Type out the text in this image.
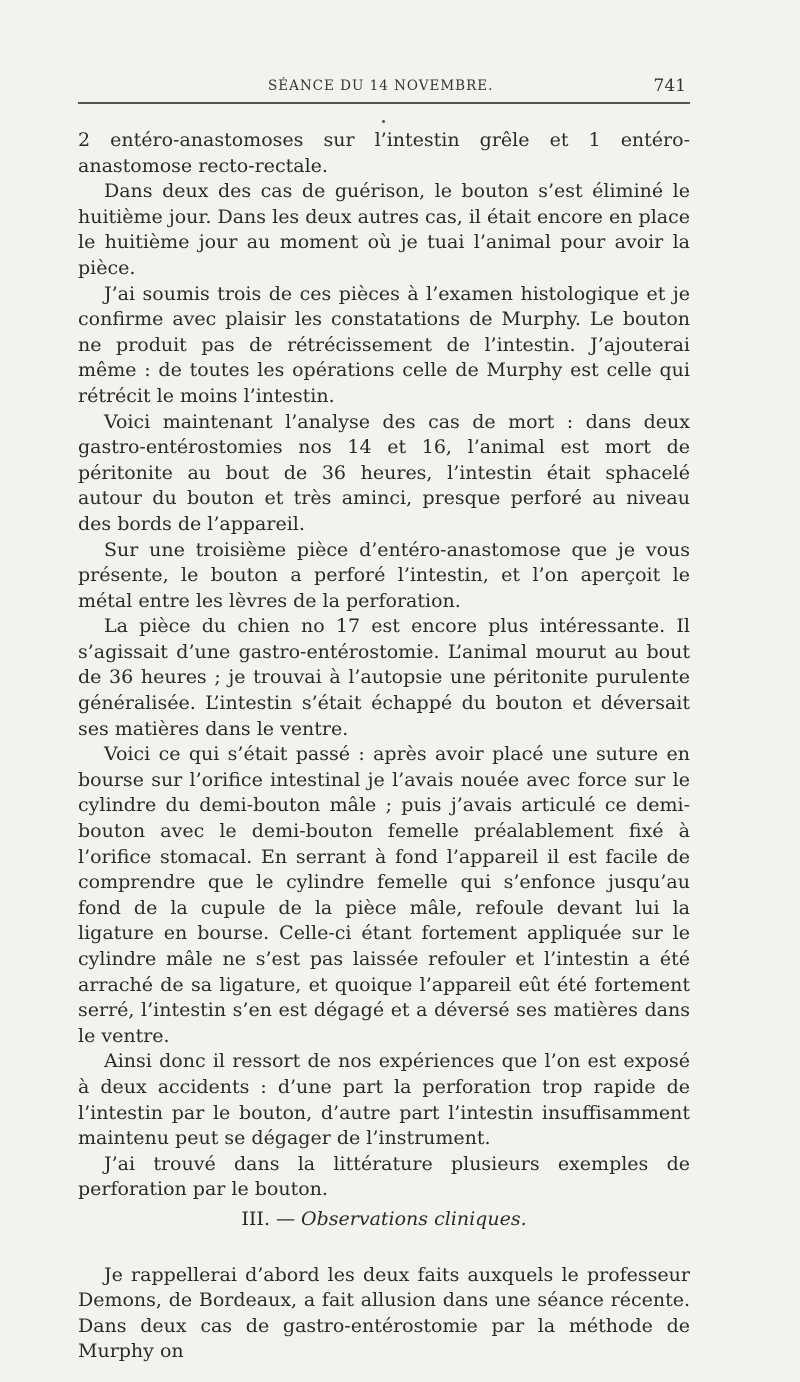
SÉANCE DU 14 NOVEMBRE.	741

2 entéro-anastomoses sur l’intestin grêle et 1 entéro-anastomose recto-rectale.

Dans deux des cas de guérison, le bouton s’est éliminé le huitième jour. Dans les deux autres cas, il était encore en place le huitième jour au moment où je tuai l’animal pour avoir la pièce.

J’ai soumis trois de ces pièces à l’examen histologique et je confirme avec plaisir les constatations de Murphy. Le bouton ne produit pas de rétrécissement de l’intestin. J’ajouterai même : de toutes les opérations celle de Murphy est celle qui rétrécit le moins l’intestin.

Voici maintenant l’analyse des cas de mort : dans deux gastro-entérostomies nos 14 et 16, l’animal est mort de péritonite au bout de 36 heures, l’intestin était sphacelé autour du bouton et très aminci, presque perforé au niveau des bords de l’appareil.

Sur une troisième pièce d’entéro-anastomose que je vous présente, le bouton a perforé l’intestin, et l’on aperçoit le métal entre les lèvres de la perforation.

La pièce du chien no 17 est encore plus intéressante. Il s’agissait d’une gastro-entérostomie. L’animal mourut au bout de 36 heures ; je trouvai à l’autopsie une péritonite purulente généralisée. L’intestin s’était échappé du bouton et déversait ses matières dans le ventre.

Voici ce qui s’était passé : après avoir placé une suture en bourse sur l’orifice intestinal je l’avais nouée avec force sur le cylindre du demi-bouton mâle ; puis j’avais articulé ce demi-bouton avec le demi-bouton femelle préalablement fixé à l’orifice stomacal. En serrant à fond l’appareil il est facile de comprendre que le cylindre femelle qui s’enfonce jusqu’au fond de la cupule de la pièce mâle, refoule devant lui la ligature en bourse. Celle-ci étant fortement appliquée sur le cylindre mâle ne s’est pas laissée refouler et l’intestin a été arraché de sa ligature, et quoique l’appareil eût été fortement serré, l’intestin s’en est dégagé et a déversé ses matières dans le ventre.

Ainsi donc il ressort de nos expériences que l’on est exposé à deux accidents : d’une part la perforation trop rapide de l’intestin par le bouton, d’autre part l’intestin insuffisamment maintenu peut se dégager de l’instrument.

J’ai trouvé dans la littérature plusieurs exemples de perforation par le bouton.

III. — Observations cliniques.

Je rappellerai d’abord les deux faits auxquels le professeur Demons, de Bordeaux, a fait allusion dans une séance récente. Dans deux cas de gastro-entérostomie par la méthode de Murphy on
